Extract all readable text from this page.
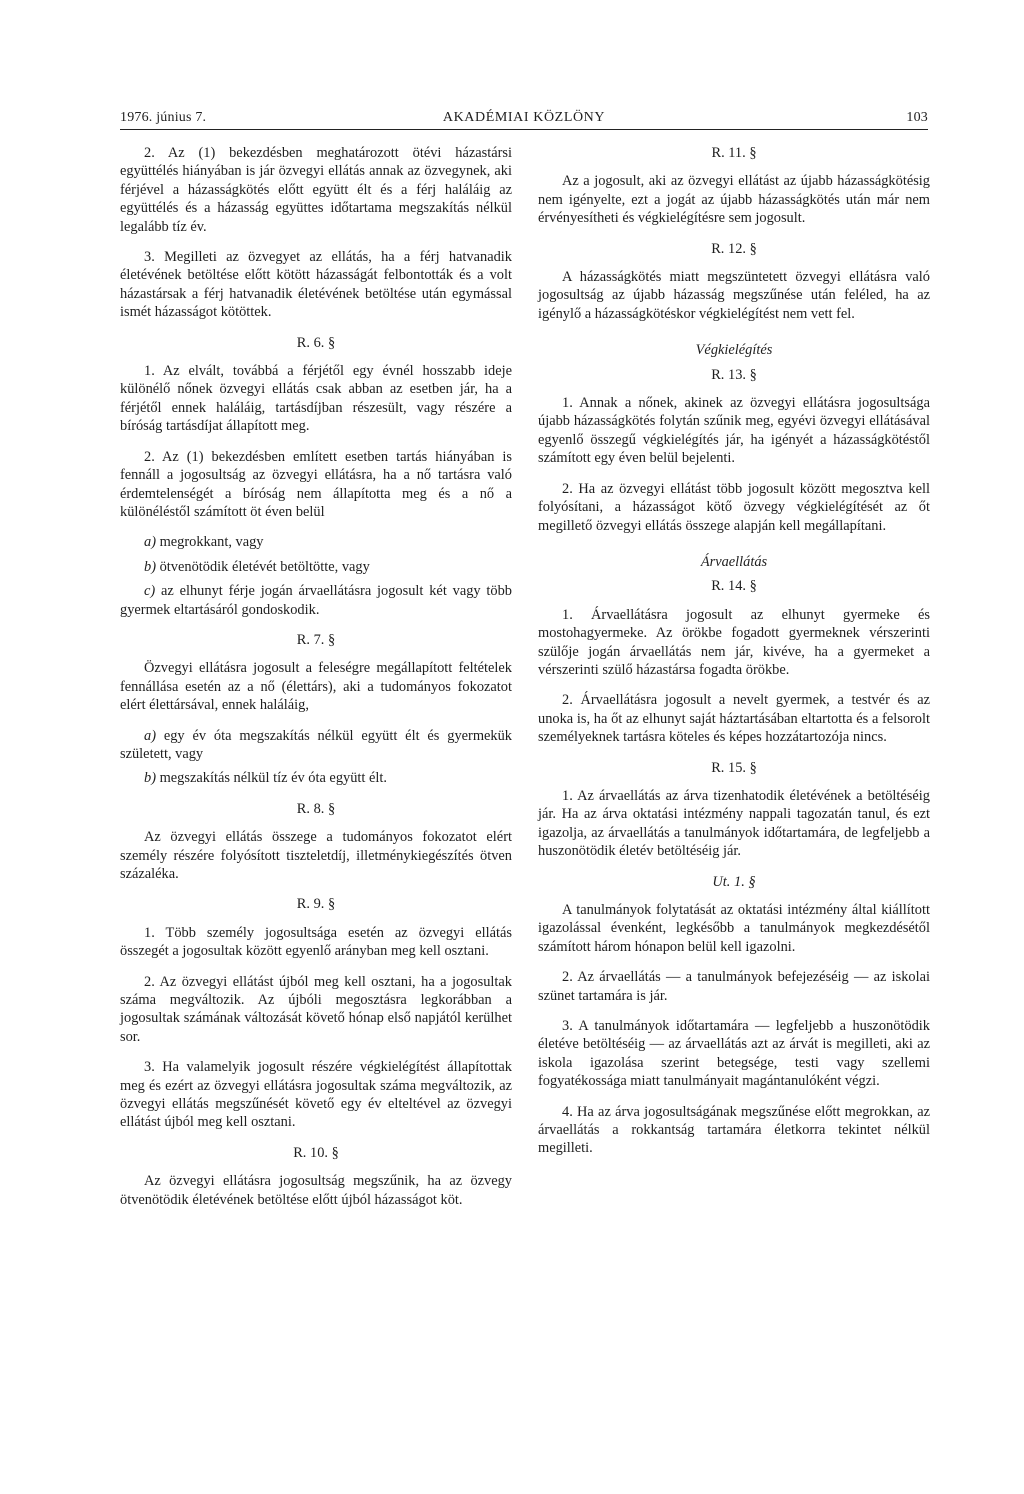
1976. június 7.	AKADÉMIAI KÖZLÖNY	103

2. Az (1) bekezdésben meghatározott ötévi házastársi együttélés hiányában is jár özvegyi ellátás annak az özvegynek, aki férjével a házasságkötés előtt együtt élt és a férj haláláig az együttélés és a házasság együttes időtartama megszakítás nélkül legalább tíz év.

3. Megilleti az özvegyet az ellátás, ha a férj hatvanadik életévének betöltése előtt kötött házasságát felbontották és a volt házastársak a férj hatvanadik életévének betöltése után egymással ismét házasságot kötöttek.

R. 6. §

1. Az elvált, továbbá a férjétől egy évnél hosszabb ideje különélő nőnek özvegyi ellátás csak abban az esetben jár, ha a férjétől ennek haláláig, tartásdíjban részesült, vagy részére a bíróság tartásdíjat állapított meg.

2. Az (1) bekezdésben említett esetben tartás hiányában is fennáll a jogosultság az özvegyi ellátásra, ha a nő tartásra való érdemtelenségét a bíróság nem állapította meg és a nő a különéléstől számított öt éven belül

a) megrokkant, vagy

b) ötvenötödik életévét betöltötte, vagy

c) az elhunyt férje jogán árvaellátásra jogosult két vagy több gyermek eltartásáról gondoskodik.

R. 7. §

Özvegyi ellátásra jogosult a feleségre megállapított feltételek fennállása esetén az a nő (élettárs), aki a tudományos fokozatot elért élettársával, ennek haláláig,

a) egy év óta megszakítás nélkül együtt élt és gyermekük született, vagy

b) megszakítás nélkül tíz év óta együtt élt.

R. 8. §

Az özvegyi ellátás összege a tudományos fokozatot elért személy részére folyósított tiszteletdíj, illetménykiegészítés ötven százaléka.

R. 9. §

1. Több személy jogosultsága esetén az özvegyi ellátás összegét a jogosultak között egyenlő arányban meg kell osztani.

2. Az özvegyi ellátást újból meg kell osztani, ha a jogosultak száma megváltozik. Az újbóli megosztásra legkorábban a jogosultak számának változását követő hónap első napjától kerülhet sor.

3. Ha valamelyik jogosult részére végkielégítést állapítottak meg és ezért az özvegyi ellátásra jogosultak száma megváltozik, az özvegyi ellátás megszűnését követő egy év elteltével az özvegyi ellátást újból meg kell osztani.

R. 10. §

Az özvegyi ellátásra jogosultság megszűnik, ha az özvegy ötvenötödik életévének betöltése előtt újból házasságot köt.

R. 11. §

Az a jogosult, aki az özvegyi ellátást az újabb házasságkötésig nem igényelte, ezt a jogát az újabb házasságkötés után már nem érvényesítheti és végkielégítésre sem jogosult.

R. 12. §

A házasságkötés miatt megszüntetett özvegyi ellátásra való jogosultság az újabb házasság megszűnése után feléled, ha az igénylő a házasságkötéskor végkielégítést nem vett fel.

Végkielégítés
R. 13. §

1. Annak a nőnek, akinek az özvegyi ellátásra jogosultsága újabb házasságkötés folytán szűnik meg, egyévi özvegyi ellátásával egyenlő összegű végkielégítés jár, ha igényét a házasságkötéstől számított egy éven belül bejelenti.

2. Ha az özvegyi ellátást több jogosult között megosztva kell folyósítani, a házasságot kötő özvegy végkielégítését az őt megillető özvegyi ellátás összege alapján kell megállapítani.

Árvaellátás
R. 14. §

1. Árvaellátásra jogosult az elhunyt gyermeke és mostohagyermeke. Az örökbe fogadott gyermeknek vérszerinti szülője jogán árvaellátás nem jár, kivéve, ha a gyermeket a vérszerinti szülő házastársa fogadta örökbe.

2. Árvaellátásra jogosult a nevelt gyermek, a testvér és az unoka is, ha őt az elhunyt saját háztartásában eltartotta és a felsorolt személyeknek tartásra köteles és képes hozzátartozója nincs.

R. 15. §

1. Az árvaellátás az árva tizenhatodik életévének a betöltéséig jár. Ha az árva oktatási intézmény nappali tagozatán tanul, és ezt igazolja, az árvaellátás a tanulmányok időtartamára, de legfeljebb a huszonötödik életév betöltéséig jár.

Ut. 1. §

A tanulmányok folytatását az oktatási intézmény által kiállított igazolással évenként, legkésőbb a tanulmányok megkezdésétől számított három hónapon belül kell igazolni.

2. Az árvaellátás — a tanulmányok befejezéséig — az iskolai szünet tartamára is jár.

3. A tanulmányok időtartamára — legfeljebb a huszonötödik életéve betöltéséig — az árvaellátás azt az árvát is megilleti, aki az iskola igazolása szerint betegsége, testi vagy szellemi fogyatékossága miatt tanulmányait magántanulóként végzi.

4. Ha az árva jogosultságának megszűnése előtt megrokkan, az árvaellátás a rokkantság tartamára életkorra tekintet nélkül megilleti.
